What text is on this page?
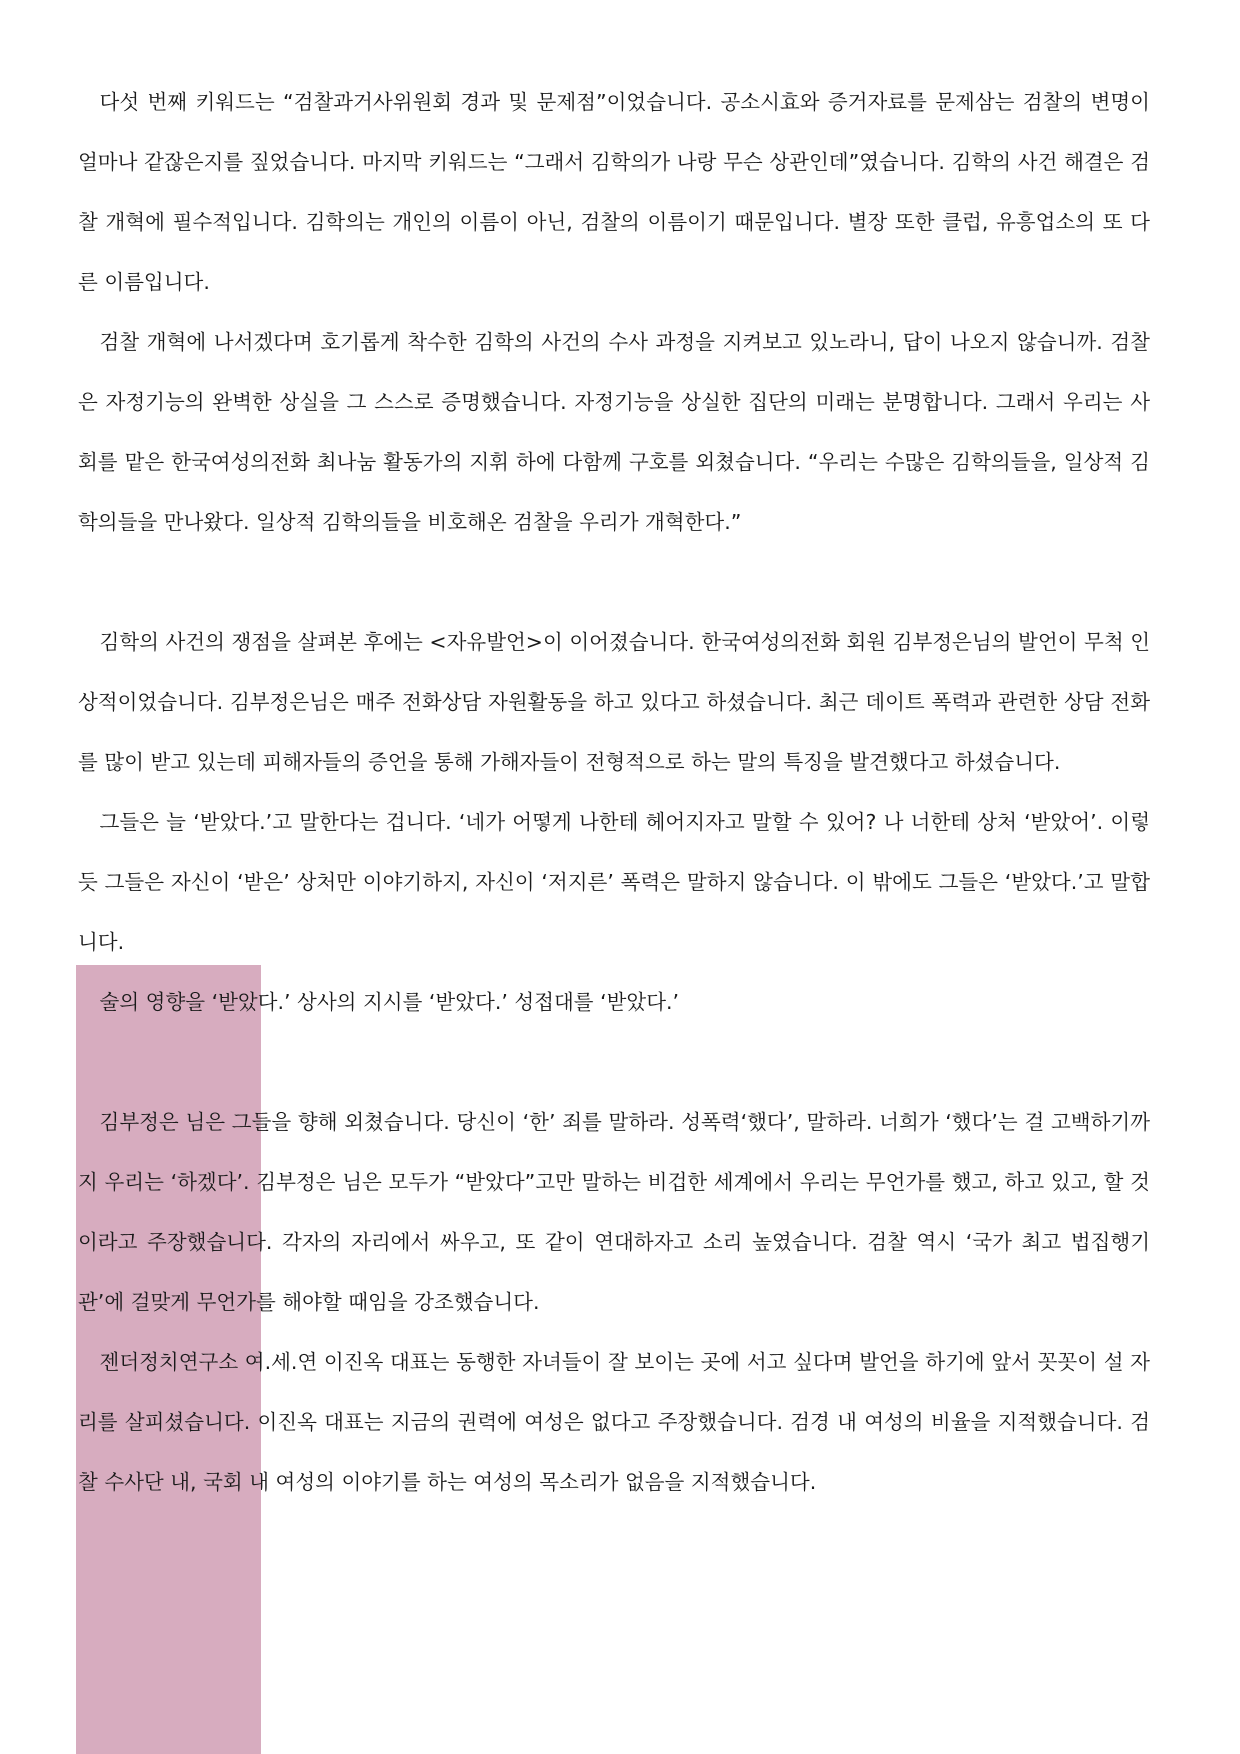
다섯 번째 키워드는 “검찰과거사위원회 경과 및 문제점”이었습니다. 공소시효와 증거자료를 문제삼는 검찰의 변명이 얼마나 같잖은지를 짚었습니다. 마지막 키워드는 “그래서 김학의가 나랑 무슨 상관인데”였습니다. 김학의 사건 해결은 검찰 개혁에 필수적입니다. 김학의는 개인의 이름이 아닌, 검찰의 이름이기 때문입니다. 별장 또한 클럽, 유흥업소의 또 다른 이름입니다.

검찰 개혁에 나서겠다며 호기롭게 착수한 김학의 사건의 수사 과정을 지켜보고 있노라니, 답이 나오지 않습니까. 검찰은 자정기능의 완벽한 상실을 그 스스로 증명했습니다. 자정기능을 상실한 집단의 미래는 분명합니다. 그래서 우리는 사회를 맡은 한국여성의전화 최나눔 활동가의 지휘 하에 다함께 구호를 외쳤습니다. “우리는 수많은 김학의들을, 일상적 김학의들을 만나왔다. 일상적 김학의들을 비호해온 검찰을 우리가 개혁한다.”

김학의 사건의 쟁점을 살펴본 후에는 <자유발언>이 이어졌습니다. 한국여성의전화 회원 김부정은님의 발언이 무척 인상적이었습니다. 김부정은님은 매주 전화상담 자원활동을 하고 있다고 하셨습니다. 최근 데이트 폭력과 관련한 상담 전화를 많이 받고 있는데 피해자들의 증언을 통해 가해자들이 전형적으로 하는 말의 특징을 발견했다고 하셨습니다.

그들은 늘 ‘받았다.’고 말한다는 겁니다. ‘네가 어떻게 나한테 헤어지자고 말할 수 있어? 나 너한테 상처 ‘받았어’. 이렇듯 그들은 자신이 ‘받은’ 상처만 이야기하지, 자신이 ‘저지른’ 폭력은 말하지 않습니다. 이 밖에도 그들은 ‘받았다.’고 말합니다.

술의 영향을 ‘받았다.’ 상사의 지시를 ‘받았다.’ 성접대를 ‘받았다.’

김부정은 님은 그들을 향해 외쳤습니다. 당신이 ‘한’ 죄를 말하라. 성폭력‘했다’, 말하라. 너희가 ‘했다’는 걸 고백하기까지 우리는 ‘하겠다’. 김부정은 님은 모두가 “받았다”고만 말하는 비겁한 세계에서 우리는 무언가를 했고, 하고 있고, 할 것이라고 주장했습니다. 각자의 자리에서 싸우고, 또 같이 연대하자고 소리 높였습니다. 검찰 역시 ‘국가 최고 법집행기관’에 걸맞게 무언가를 해야할 때임을 강조했습니다.

젠더정치연구소 여.세.연 이진옥 대표는 동행한 자녀들이 잘 보이는 곳에 서고 싶다며 발언을 하기에 앞서 꼿꼿이 설 자리를 살피셨습니다. 이진옥 대표는 지금의 권력에 여성은 없다고 주장했습니다. 검경 내 여성의 비율을 지적했습니다. 검찰 수사단 내, 국회 내 여성의 이야기를 하는 여성의 목소리가 없음을 지적했습니다.
